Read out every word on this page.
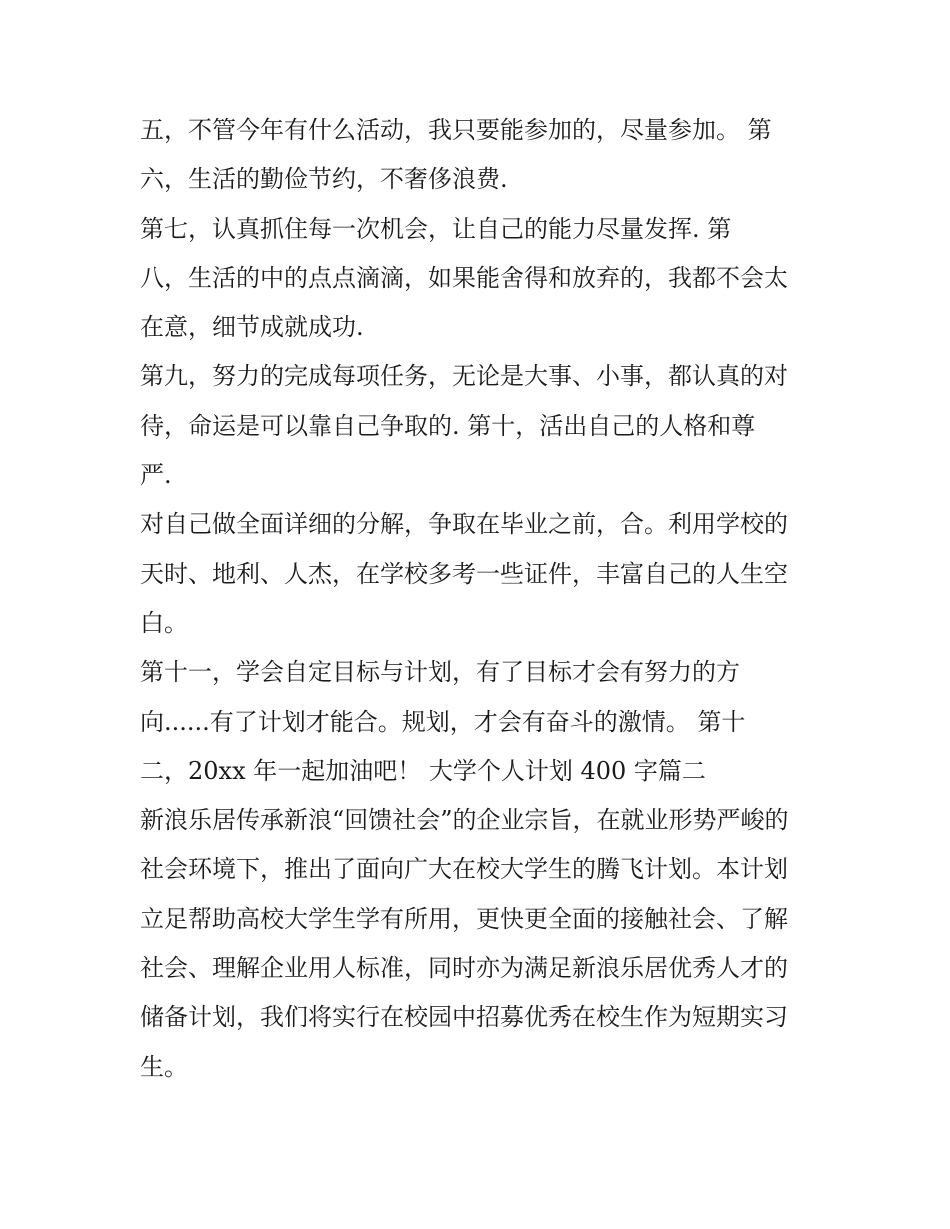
五，不管今年有什么活动，我只要能参加的，尽量参加。 第
六，生活的勤俭节约，不奢侈浪费.
第七，认真抓住每一次机会，让自己的能力尽量发挥. 第
八，生活的中的点点滴滴，如果能舍得和放弃的，我都不会太
在意，细节成就成功.
第九，努力的完成每项任务，无论是大事、小事，都认真的对
待，命运是可以靠自己争取的. 第十，活出自己的人格和尊
严.
对自己做全面详细的分解，争取在毕业之前，合。利用学校的
天时、地利、人杰，在学校多考一些证件，丰富自己的人生空
白。
第十一，学会自定目标与计划，有了目标才会有努力的方
向......有了计划才能合。规划，才会有奋斗的激情。 第十
二，20xx 年一起加油吧！ 大学个人计划 400 字篇二
新浪乐居传承新浪“回馈社会”的企业宗旨，在就业形势严峻的
社会环境下，推出了面向广大在校大学生的腾飞计划。本计划
立足帮助高校大学生学有所用，更快更全面的接触社会、了解
社会、理解企业用人标准，同时亦为满足新浪乐居优秀人才的
储备计划，我们将实行在校园中招募优秀在校生作为短期实习
生。
